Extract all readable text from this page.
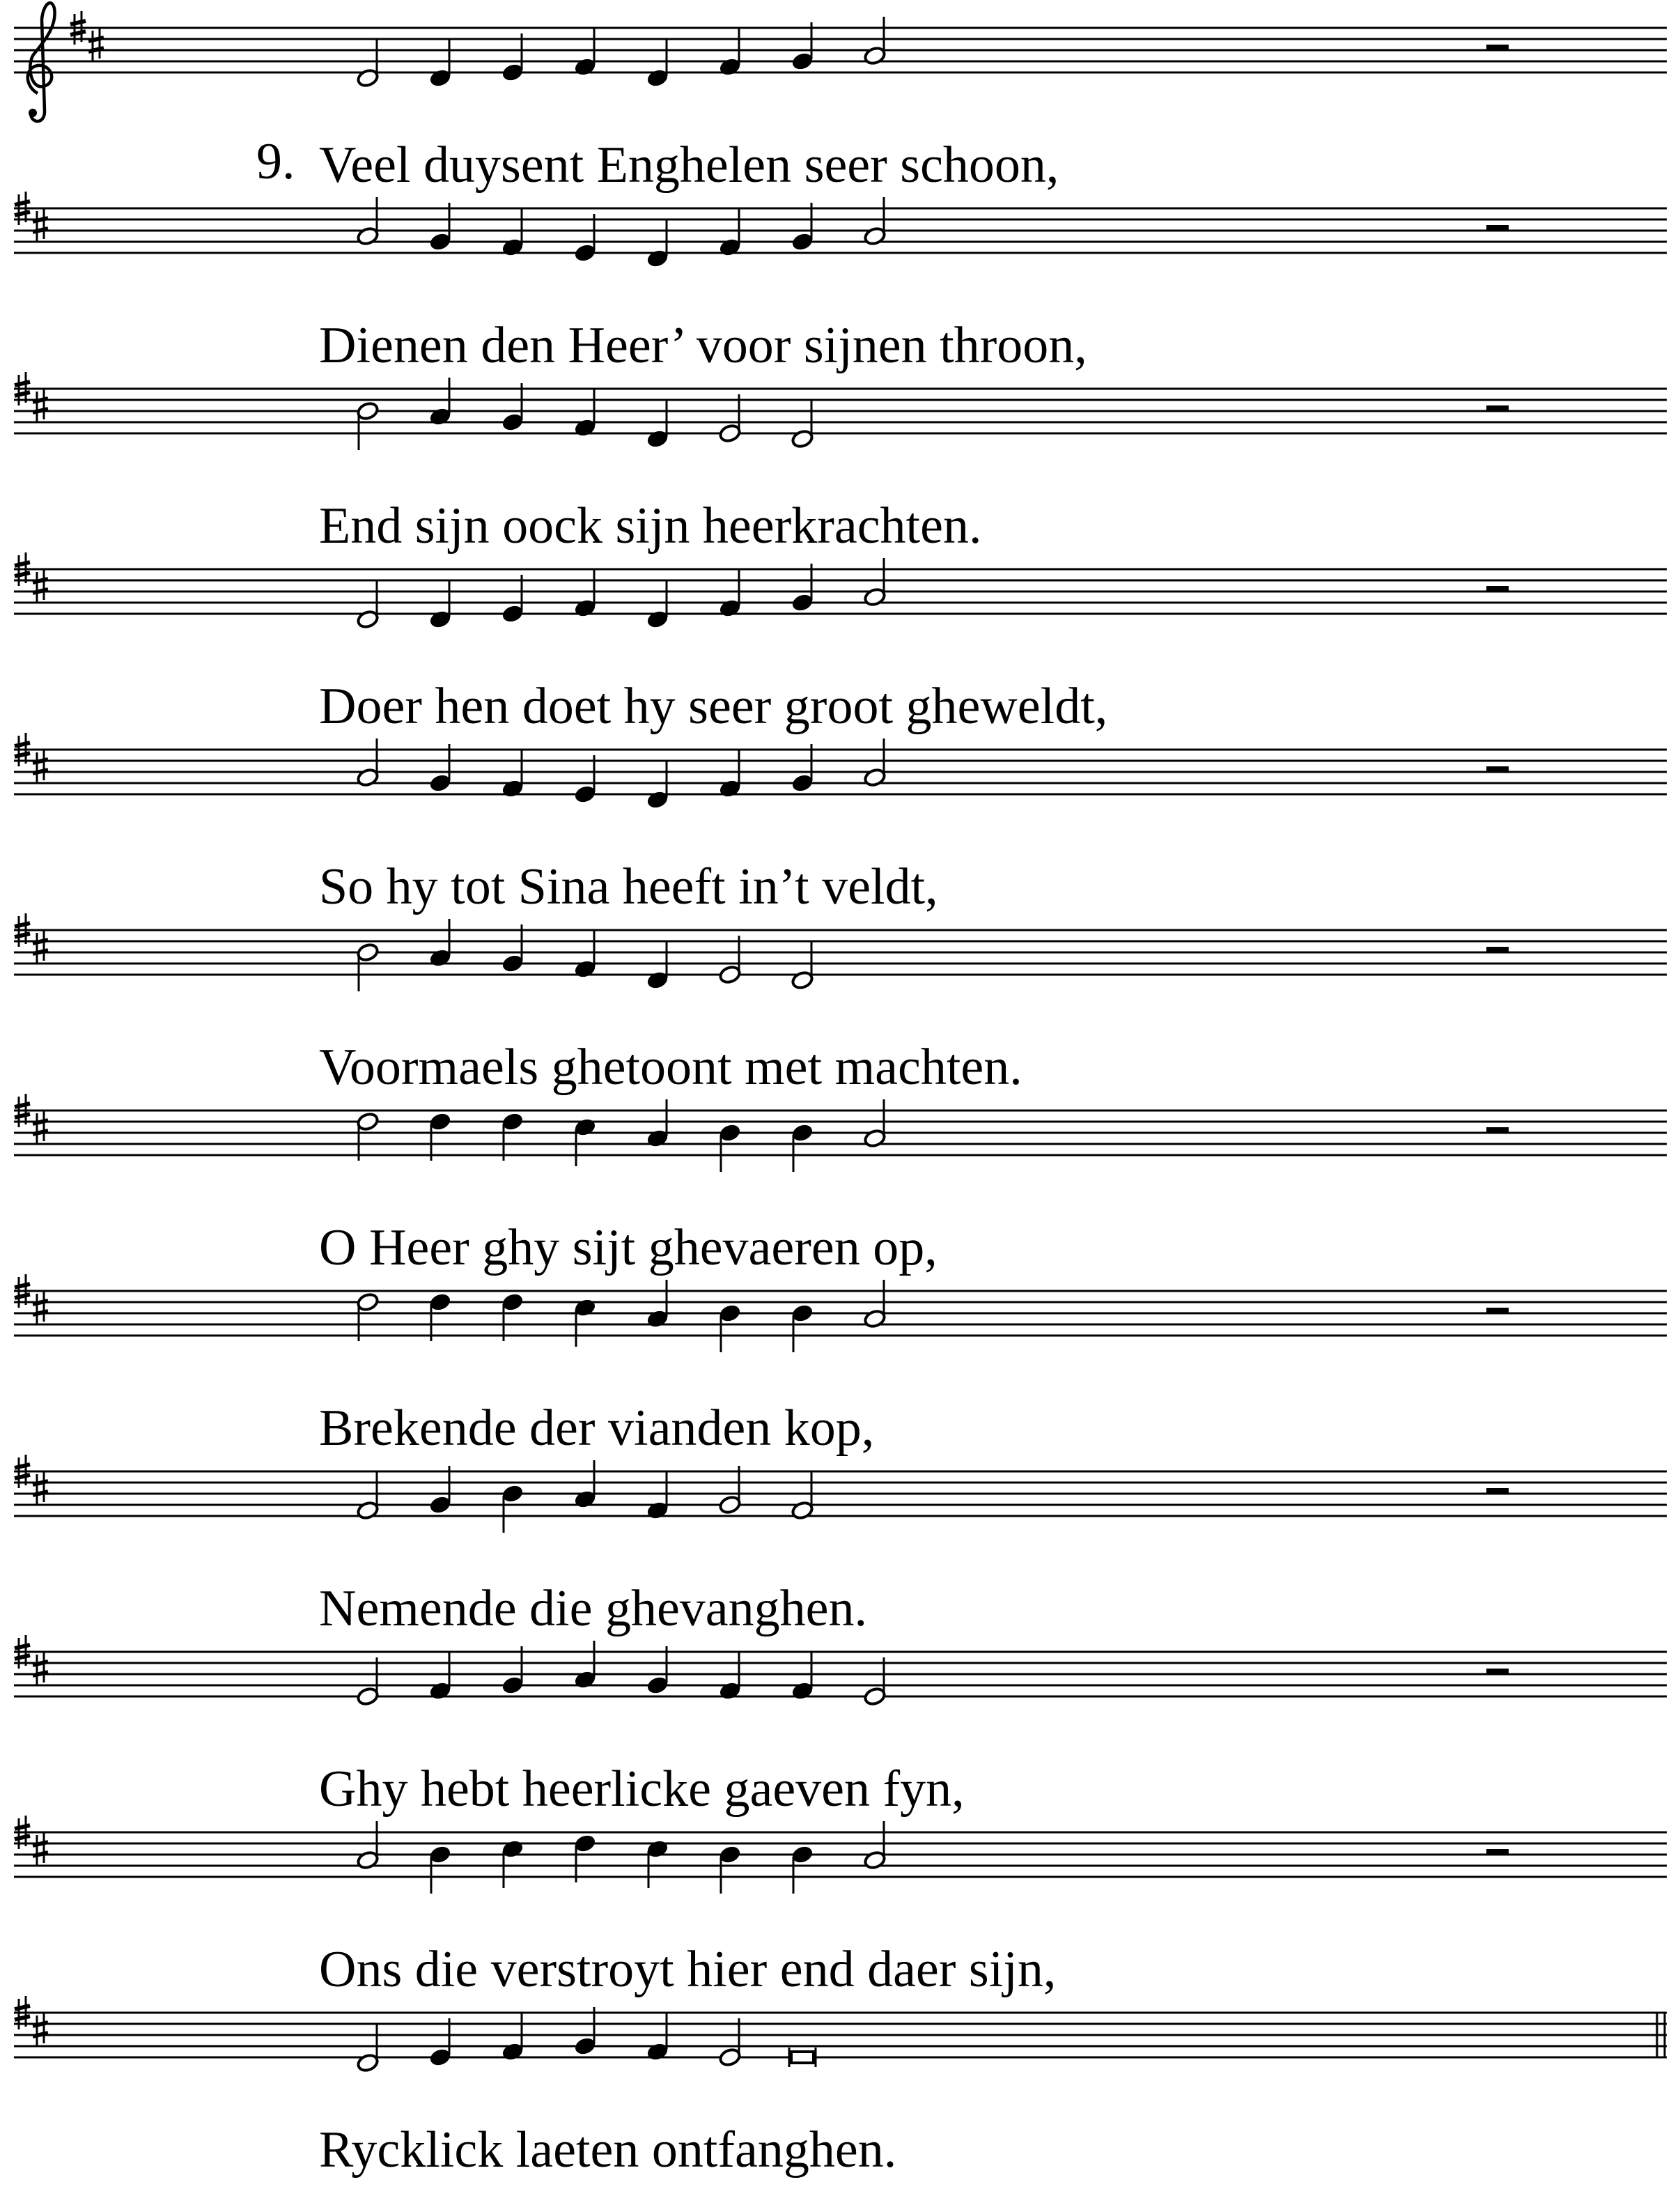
Veel duysent Enghelen seer schoon,
Dienen den Heer’ voor sijnen throon,
End sijn oock sijn heerkrachten.
Doer hen doet hy seer groot gheweldt,
So hy tot Sina heeft in’t veldt,
Voormaels ghetoont met machten.
O Heer ghy sijt ghevaeren op,
Brekende der vianden kop,
Nemende die ghevanghen.
Ghy hebt heerlicke gaeven fyn,
Ons die verstroyt hier end daer sijn,
Rycklick laeten ontfanghen.
9.
